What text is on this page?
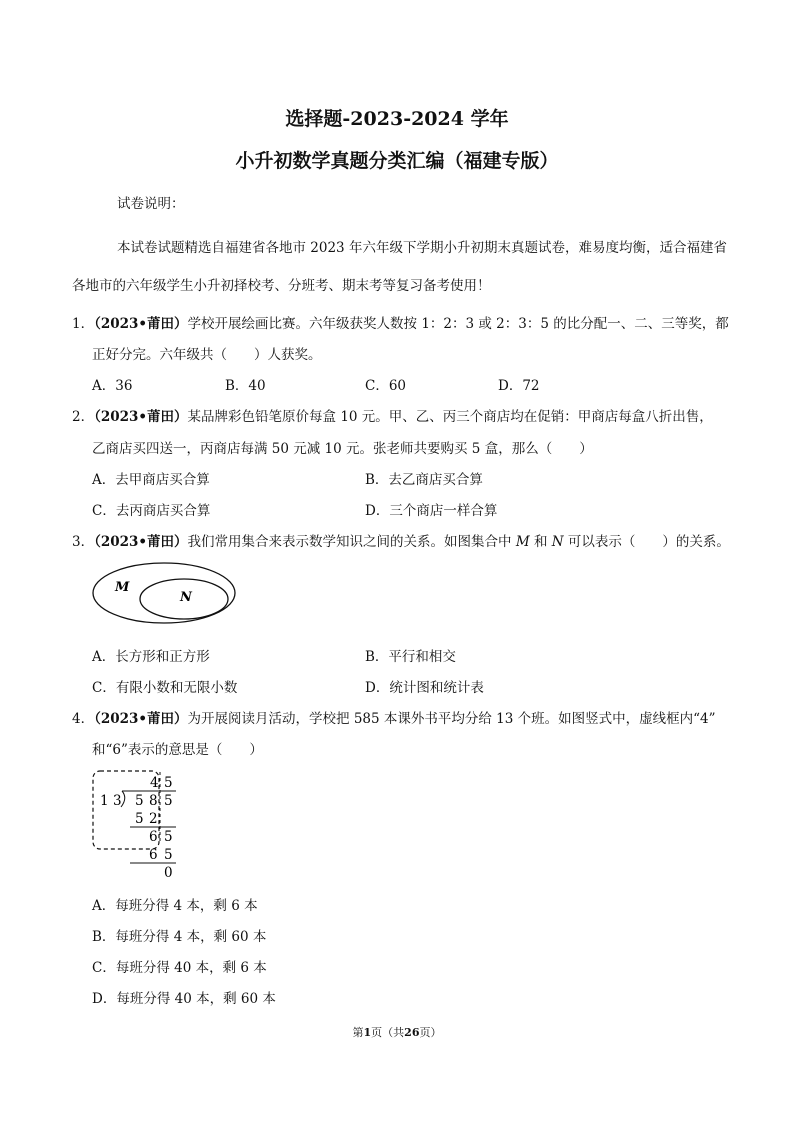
选择题-2023-2024 学年
小升初数学真题分类汇编（福建专版）
试卷说明：
本试卷试题精选自福建省各地市 2023 年六年级下学期小升初期末真题试卷，难易度均衡，适合福建省
各地市的六年级学生小升初择校考、分班考、期末考等复习备考使用！
1．（2023•莆田）学校开展绘画比赛。六年级获奖人数按 1：2：3 或 2：3：5 的比分配一、二、三等奖，都
正好分完。六年级共（　　）人获奖。
A．36	B．40	C．60	D．72
2．（2023•莆田）某品牌彩色铅笔原价每盒 10 元。甲、乙、丙三个商店均在促销：甲商店每盒八折出售，
乙商店买四送一，丙商店每满 50 元减 10 元。张老师共要购买 5 盒，那么（　　）
A．去甲商店买合算	B．去乙商店买合算
C．去丙商店买合算	D．三个商店一样合算
3．（2023•莆田）我们常用集合来表示数学知识之间的关系。如图集合中 M 和 N 可以表示（　　）的关系。
M
N
A．长方形和正方形	B．平行和相交
C．有限小数和无限小数	D．统计图和统计表
4．（2023•莆田）为开展阅读月活动，学校把 585 本课外书平均分给 13 个班。如图竖式中，虚线框内“4”
和“6”表示的意思是（　　）
4 5
1 3 5 8 5
5 2
6 5
6 5
0
A．每班分得 4 本，剩 6 本
B．每班分得 4 本，剩 60 本
C．每班分得 40 本，剩 6 本
D．每班分得 40 本，剩 60 本
第1页（共26页）
